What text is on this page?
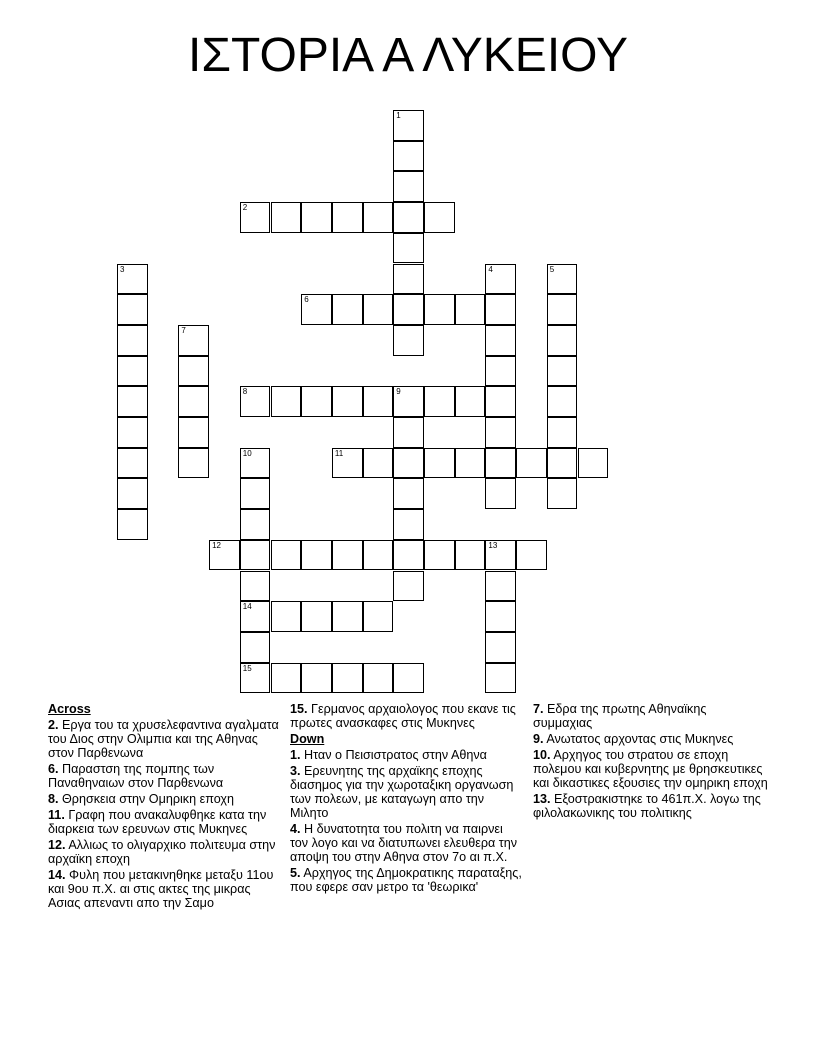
ΙΣΤΟΡΙΑ Α ΛΥΚΕΙΟΥ
1
2
3	4	5
6
7
8	9
10
14
15
11
12	13
Across
2. Εργα του τα χρυσελεφαντινα αγαλματα του Διος στην Ολιμπια και της Αθηνας στον Παρθενωνα
6. Παραστση της πομπης των Παναθηναιων στον Παρθενωνα
8. Θρησκεια στην Ομηρικη εποχη
11. Γραφη που ανακαλυφθηκε κατα την διαρκεια των ερευνων στις Μυκηνες
12. Αλλιως το ολιγαρχικο πολιτευμα στην αρχαϊκη εποχη
14. Φυλη που μετακινηθηκε μεταξυ 11ου και 9ου π.Χ. αι στις ακτες της μικρας Ασιας απεναντι απο την Σαμο
15. Γερμανος αρχαιολογος που εκανε τις πρωτες ανασκαφες στις Μυκηνες
Down
1. Ηταν ο Πεισιστρατος στην Αθηνα
3. Ερευνητης της αρχαϊκης εποχης διασημος για την χωροταξικη οργανωση των πολεων, με καταγωγη απο την Μιλητο
4. Η δυνατοτητα του πολιτη να παιρνει τον λογο και να διατυπωνει ελευθερα την αποψη του στην Αθηνα στον 7ο αι π.Χ.
5. Αρχηγος της Δημοκρατικης παραταξης, που εφερε σαν μετρο τα 'θεωρικα'
7. Εδρα της πρωτης Αθηναϊκης συμμαχιας
9. Ανωτατος αρχοντας στις Μυκηνες
10. Αρχηγος του στρατου σε εποχη πολεμου και κυβερνητης με θρησκευτικες και δικαστικες εξουσιες την ομηρικη εποχη
13. Εξοστρακιστηκε το 461π.Χ. λογω της φιλολακωνικης του πολιτικης
